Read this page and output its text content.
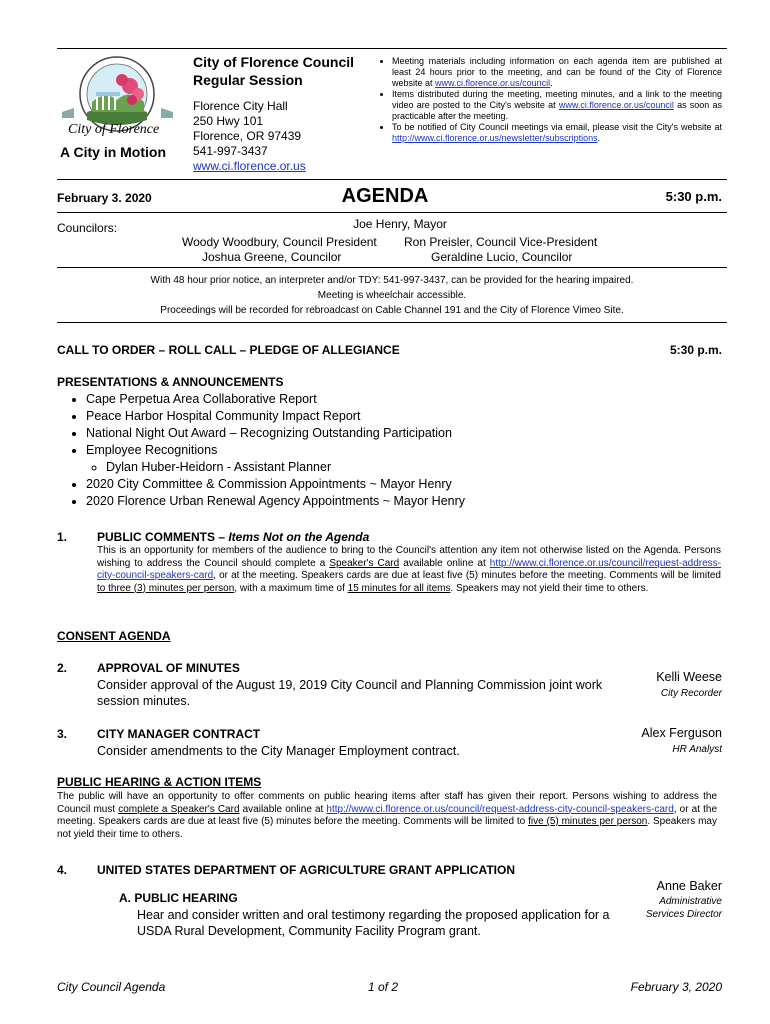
City of Florence
A City in Motion
City of Florence Council
Regular Session
Florence City Hall
250 Hwy 101
Florence, OR 97439
541-997-3437
www.ci.florence.or.us
• Meeting materials including information on each agenda item are published at least 24 hours prior to the meeting, and can be found of the City of Florence website at www.ci.florence.or.us/council.
• Items distributed during the meeting, meeting minutes, and a link to the meeting video are posted to the City's website at www.ci.florence.or.us/council as soon as practicable after the meeting.
• To be notified of City Council meetings via email, please visit the City's website at http://www.ci.florence.or.us/newsletter/subscriptions.
February 3. 2020	AGENDA	5:30 p.m.
Councilors:	Joe Henry, Mayor
Woody Woodbury, Council President Ron Preisler, Council Vice-President
Joshua Greene, Councilor	Geraldine Lucio, Councilor
With 48 hour prior notice, an interpreter and/or TDY: 541-997-3437, can be provided for the hearing impaired.
Meeting is wheelchair accessible.
Proceedings will be recorded for rebroadcast on Cable Channel 191 and the City of Florence Vimeo Site.
CALL TO ORDER – ROLL CALL – PLEDGE OF ALLEGIANCE	5:30 p.m.
PRESENTATIONS & ANNOUNCEMENTS
• Cape Perpetua Area Collaborative Report
• Peace Harbor Hospital Community Impact Report
• National Night Out Award – Recognizing Outstanding Participation
• Employee Recognitions
◦ Dylan Huber-Heidorn - Assistant Planner
• 2020 City Committee & Commission Appointments ~ Mayor Henry
• 2020 Florence Urban Renewal Agency Appointments ~ Mayor Henry
1. PUBLIC COMMENTS – Items Not on the Agenda
This is an opportunity for members of the audience to bring to the Council's attention any item not otherwise listed on the Agenda. Persons wishing to address the Council should complete a Speaker's Card available online at http://www.ci.florence.or.us/council/request-address-city-council-speakers-card, or at the meeting. Speakers cards are due at least five (5) minutes before the meeting. Comments will be limited to three (3) minutes per person, with a maximum time of 15 minutes for all items. Speakers may not yield their time to others.
CONSENT AGENDA
2. APPROVAL OF MINUTES
Consider approval of the August 19, 2019 City Council and Planning Commission joint work session minutes.
Kelli Weese
City Recorder
3. CITY MANAGER CONTRACT
Consider amendments to the City Manager Employment contract.
Alex Ferguson
HR Analyst
PUBLIC HEARING & ACTION ITEMS
The public will have an opportunity to offer comments on public hearing items after staff has given their report. Persons wishing to address the Council must complete a Speaker's Card available online at http://www.ci.florence.or.us/council/request-address-city-council-speakers-card, or at the meeting. Speakers cards are due at least five (5) minutes before the meeting. Comments will be limited to five (5) minutes per person. Speakers may not yield their time to others.
4. UNITED STATES DEPARTMENT OF AGRICULTURE GRANT APPLICATION
A. PUBLIC HEARING
Hear and consider written and oral testimony regarding the proposed application for a USDA Rural Development, Community Facility Program grant.
Anne Baker
Administrative
Services Director
City Council Agenda	1 of 2	February 3, 2020
